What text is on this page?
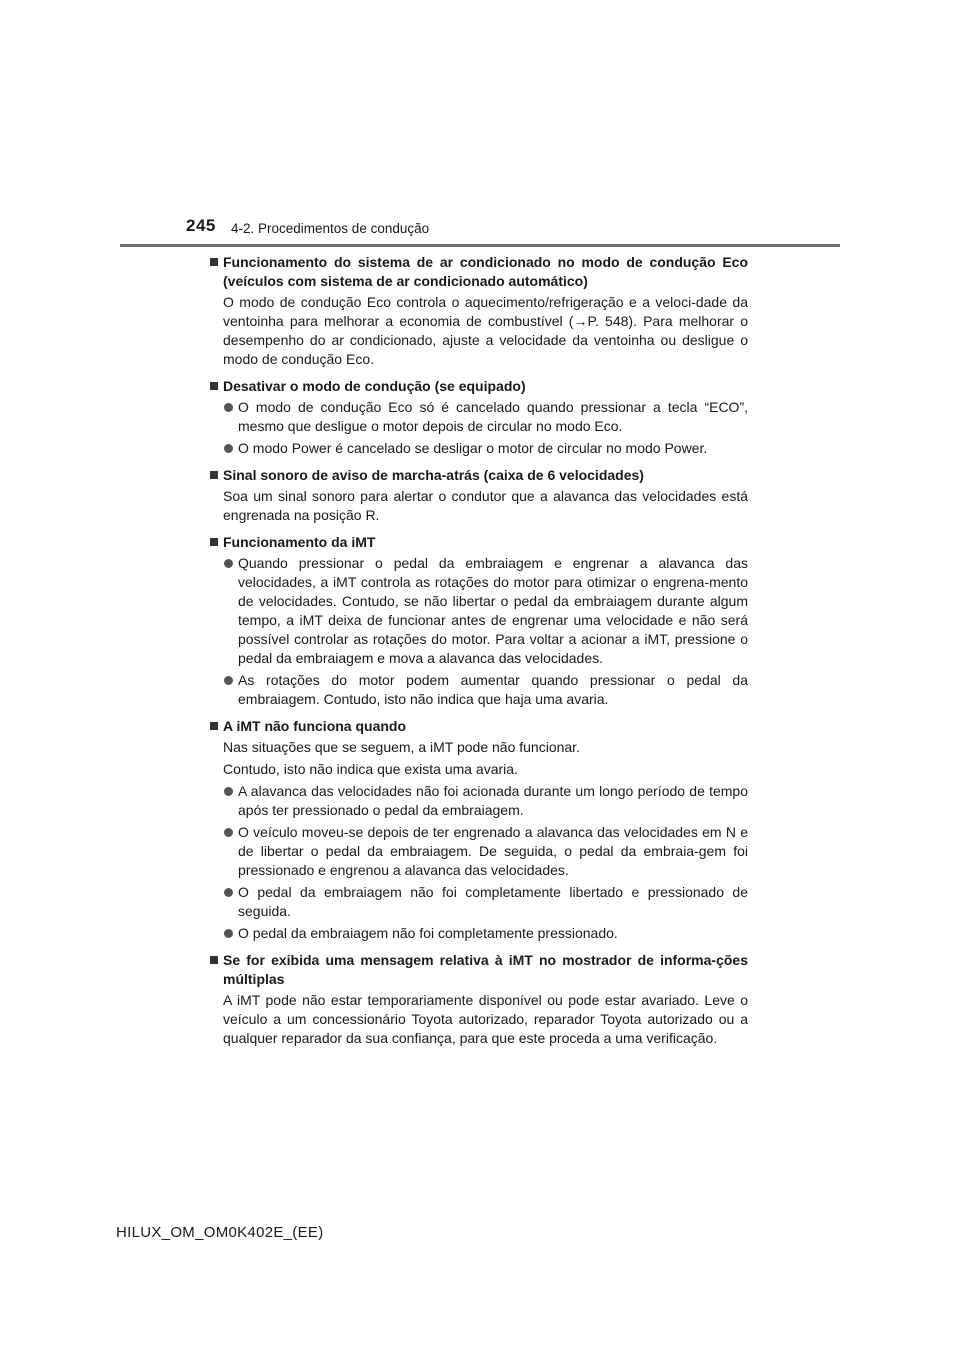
245 4-2. Procedimentos de condução
Funcionamento do sistema de ar condicionado no modo de condução Eco (veículos com sistema de ar condicionado automático)
O modo de condução Eco controla o aquecimento/refrigeração e a veloci-dade da ventoinha para melhorar a economia de combustível (→P. 548). Para melhorar o desempenho do ar condicionado, ajuste a velocidade da ventoinha ou desligue o modo de condução Eco.
Desativar o modo de condução (se equipado)
O modo de condução Eco só é cancelado quando pressionar a tecla “ECO”, mesmo que desligue o motor depois de circular no modo Eco.
O modo Power é cancelado se desligar o motor de circular no modo Power.
Sinal sonoro de aviso de marcha-atrás (caixa de 6 velocidades)
Soa um sinal sonoro para alertar o condutor que a alavanca das velocidades está engrenada na posição R.
Funcionamento da iMT
Quando pressionar o pedal da embraiagem e engrenar a alavanca das velocidades, a iMT controla as rotações do motor para otimizar o engrena-mento de velocidades. Contudo, se não libertar o pedal da embraiagem durante algum tempo, a iMT deixa de funcionar antes de engrenar uma velocidade e não será possível controlar as rotações do motor. Para voltar a acionar a iMT, pressione o pedal da embraiagem e mova a alavanca das velocidades.
As rotações do motor podem aumentar quando pressionar o pedal da embraiagem. Contudo, isto não indica que haja uma avaria.
A iMT não funciona quando
Nas situações que se seguem, a iMT pode não funcionar.
Contudo, isto não indica que exista uma avaria.
A alavanca das velocidades não foi acionada durante um longo período de tempo após ter pressionado o pedal da embraiagem.
O veículo moveu-se depois de ter engrenado a alavanca das velocidades em N e de libertar o pedal da embraiagem. De seguida, o pedal da embraia-gem foi pressionado e engrenou a alavanca das velocidades.
O pedal da embraiagem não foi completamente libertado e pressionado de seguida.
O pedal da embraiagem não foi completamente pressionado.
Se for exibida uma mensagem relativa à iMT no mostrador de informa-ções múltiplas
A iMT pode não estar temporariamente disponível ou pode estar avariado. Leve o veículo a um concessionário Toyota autorizado, reparador Toyota autorizado ou a qualquer reparador da sua confiança, para que este proceda a uma verificação.
HILUX_OM_OM0K402E_(EE)
